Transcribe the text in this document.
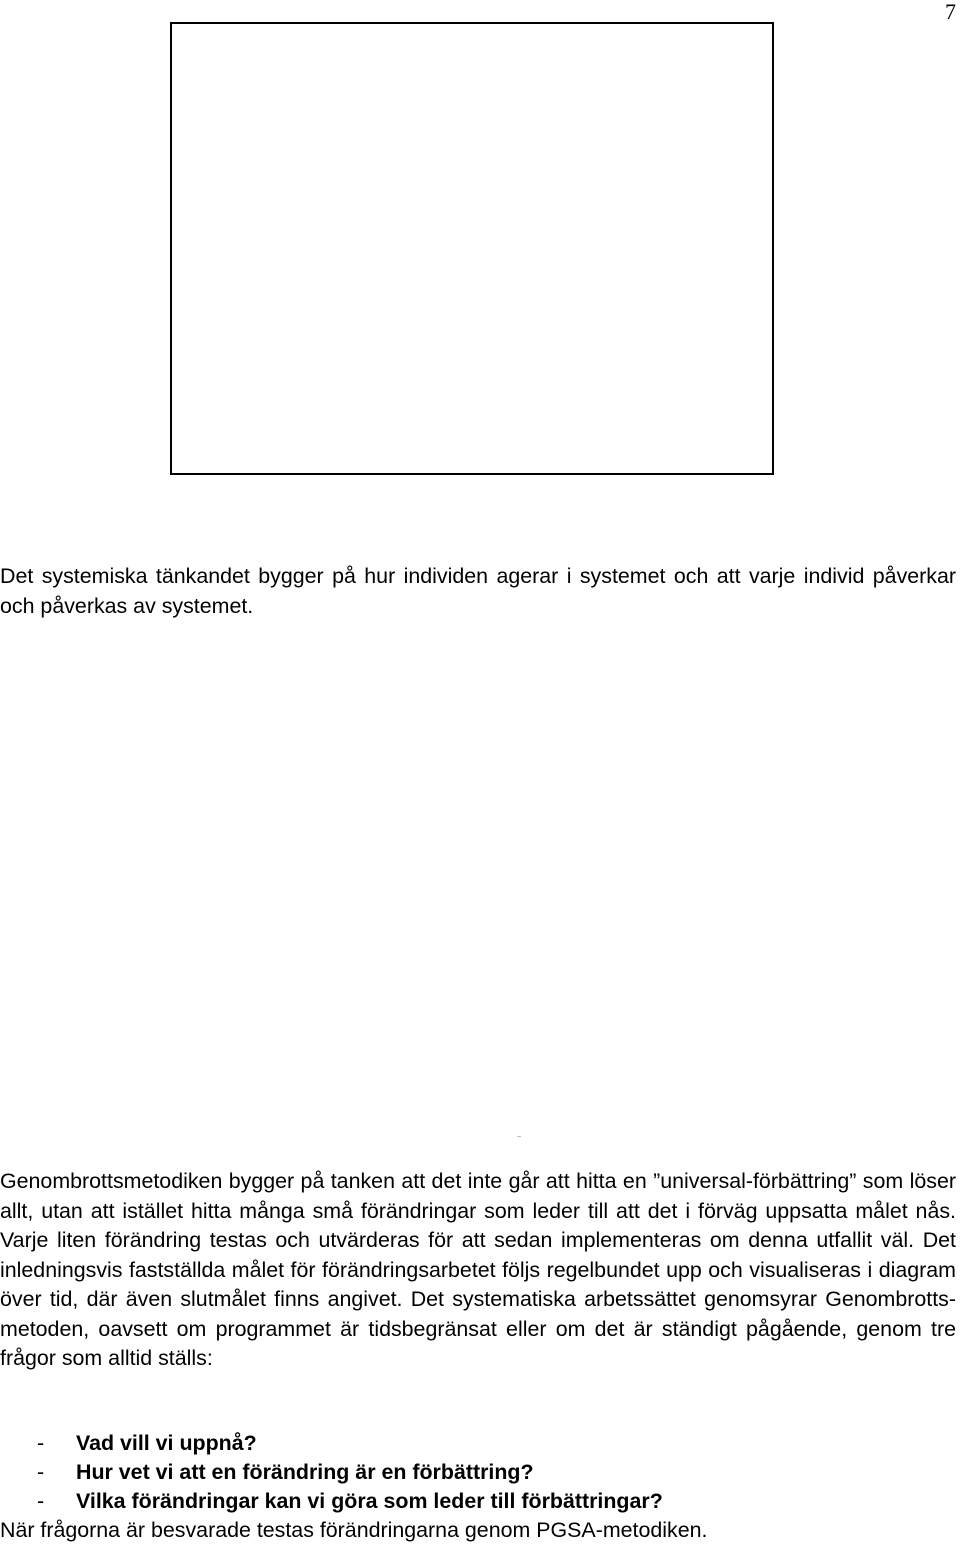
7

Det systemiska tänkandet bygger på hur individen agerar i systemet och att varje individ påverkar och påverkas av systemet.

Genombrottsmetodiken bygger på tanken att det inte går att hitta en ”universal-förbättring” som löser allt, utan att istället hitta många små förändringar som leder till att det i förväg uppsatta målet nås. Varje liten förändring testas och utvärderas för att sedan implementeras om denna utfallit väl. Det inledningsvis fastställda målet för förändringsarbetet följs regelbundet upp och visualiseras i diagram över tid, där även slutmålet finns angivet. Det systematiska arbetssättet genomsyrar Genombrotts-metoden, oavsett om programmet är tidsbegränsat eller om det är ständigt pågående, genom tre frågor som alltid ställs:

-	Vad vill vi uppnå?
-	Hur vet vi att en förändring är en förbättring?
-	Vilka förändringar kan vi göra som leder till förbättringar?

När frågorna är besvarade testas förändringarna genom PGSA-metodiken.
